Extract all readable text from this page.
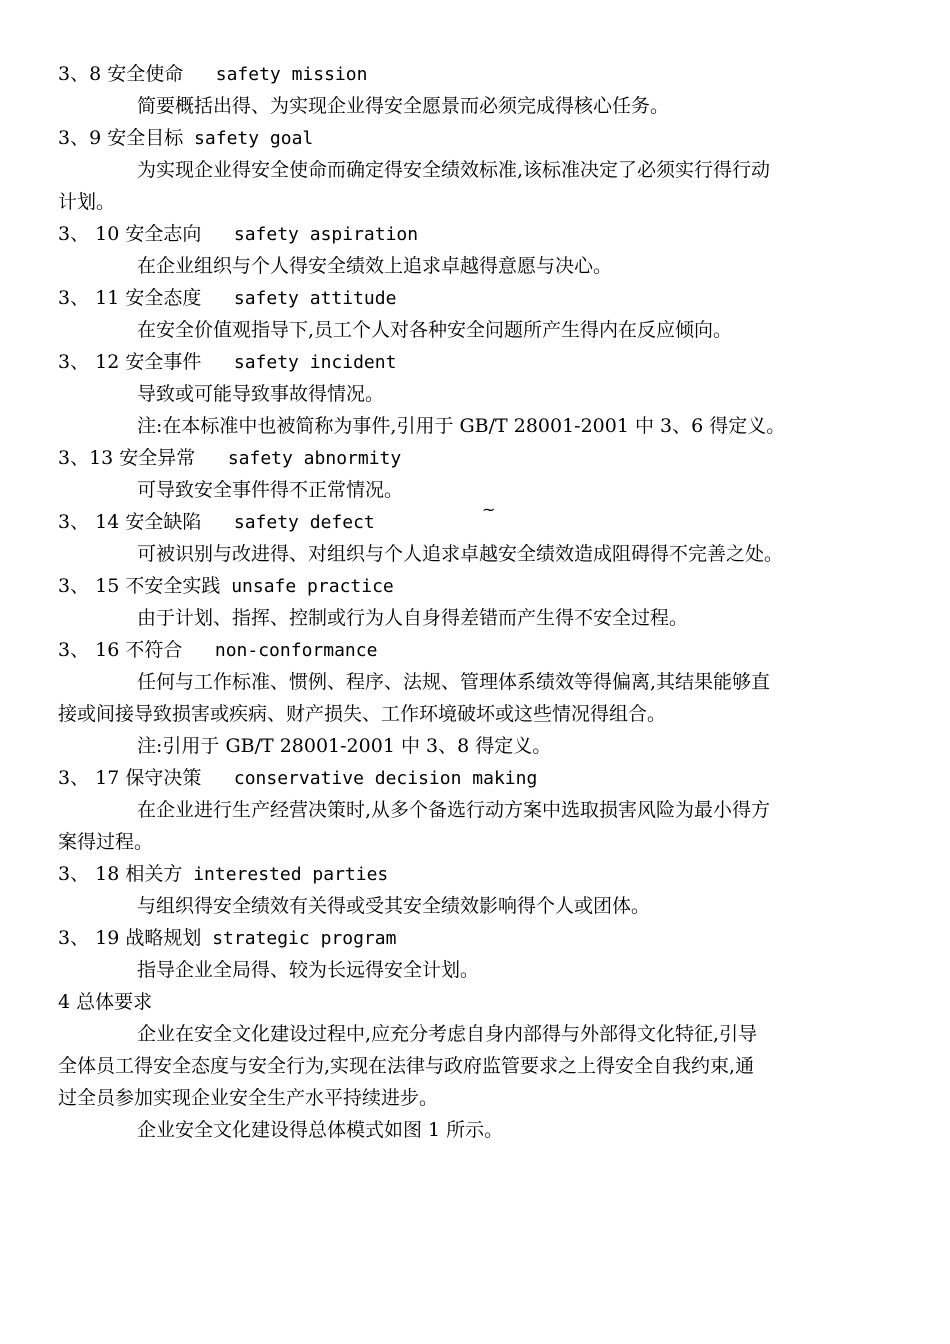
3、8 安全使命   safety mission
简要概括出得、为实现企业得安全愿景而必须完成得核心任务。
3、9 安全目标 safety goal
为实现企业得安全使命而确定得安全绩效标准,该标准决定了必须实行得行动
计划。
3、 10 安全志向   safety aspiration
在企业组织与个人得安全绩效上追求卓越得意愿与决心。
3、 11 安全态度   safety attitude
在安全价值观指导下,员工个人对各种安全问题所产生得内在反应倾向。
3、 12 安全事件   safety incident
导致或可能导致事故得情况。
注:在本标准中也被简称为事件,引用于 GB/T 28001-2001 中 3、6 得定义。
3、13 安全异常   safety abnormity
可导致安全事件得不正常情况。
3、 14 安全缺陷   safety defect
可被识别与改进得、对组织与个人追求卓越安全绩效造成阻碍得不完善之处。
3、 15 不安全实践 unsafe practice
由于计划、指挥、控制或行为人自身得差错而产生得不安全过程。
3、 16 不符合   non-conformance
任何与工作标准、惯例、程序、法规、管理体系绩效等得偏离,其结果能够直
接或间接导致损害或疾病、财产损失、工作环境破坏或这些情况得组合。
注:引用于 GB/T 28001-2001 中 3、8 得定义。
3、 17 保守决策   conservative decision making
在企业进行生产经营决策时,从多个备选行动方案中选取损害风险为最小得方
案得过程。
3、 18 相关方 interested parties
与组织得安全绩效有关得或受其安全绩效影响得个人或团体。
3、 19 战略规划 strategic program
指导企业全局得、较为长远得安全计划。
4 总体要求
企业在安全文化建设过程中,应充分考虑自身内部得与外部得文化特征,引导
全体员工得安全态度与安全行为,实现在法律与政府监管要求之上得安全自我约束,通
过全员参加实现企业安全生产水平持续进步。
企业安全文化建设得总体模式如图 1 所示。
~
